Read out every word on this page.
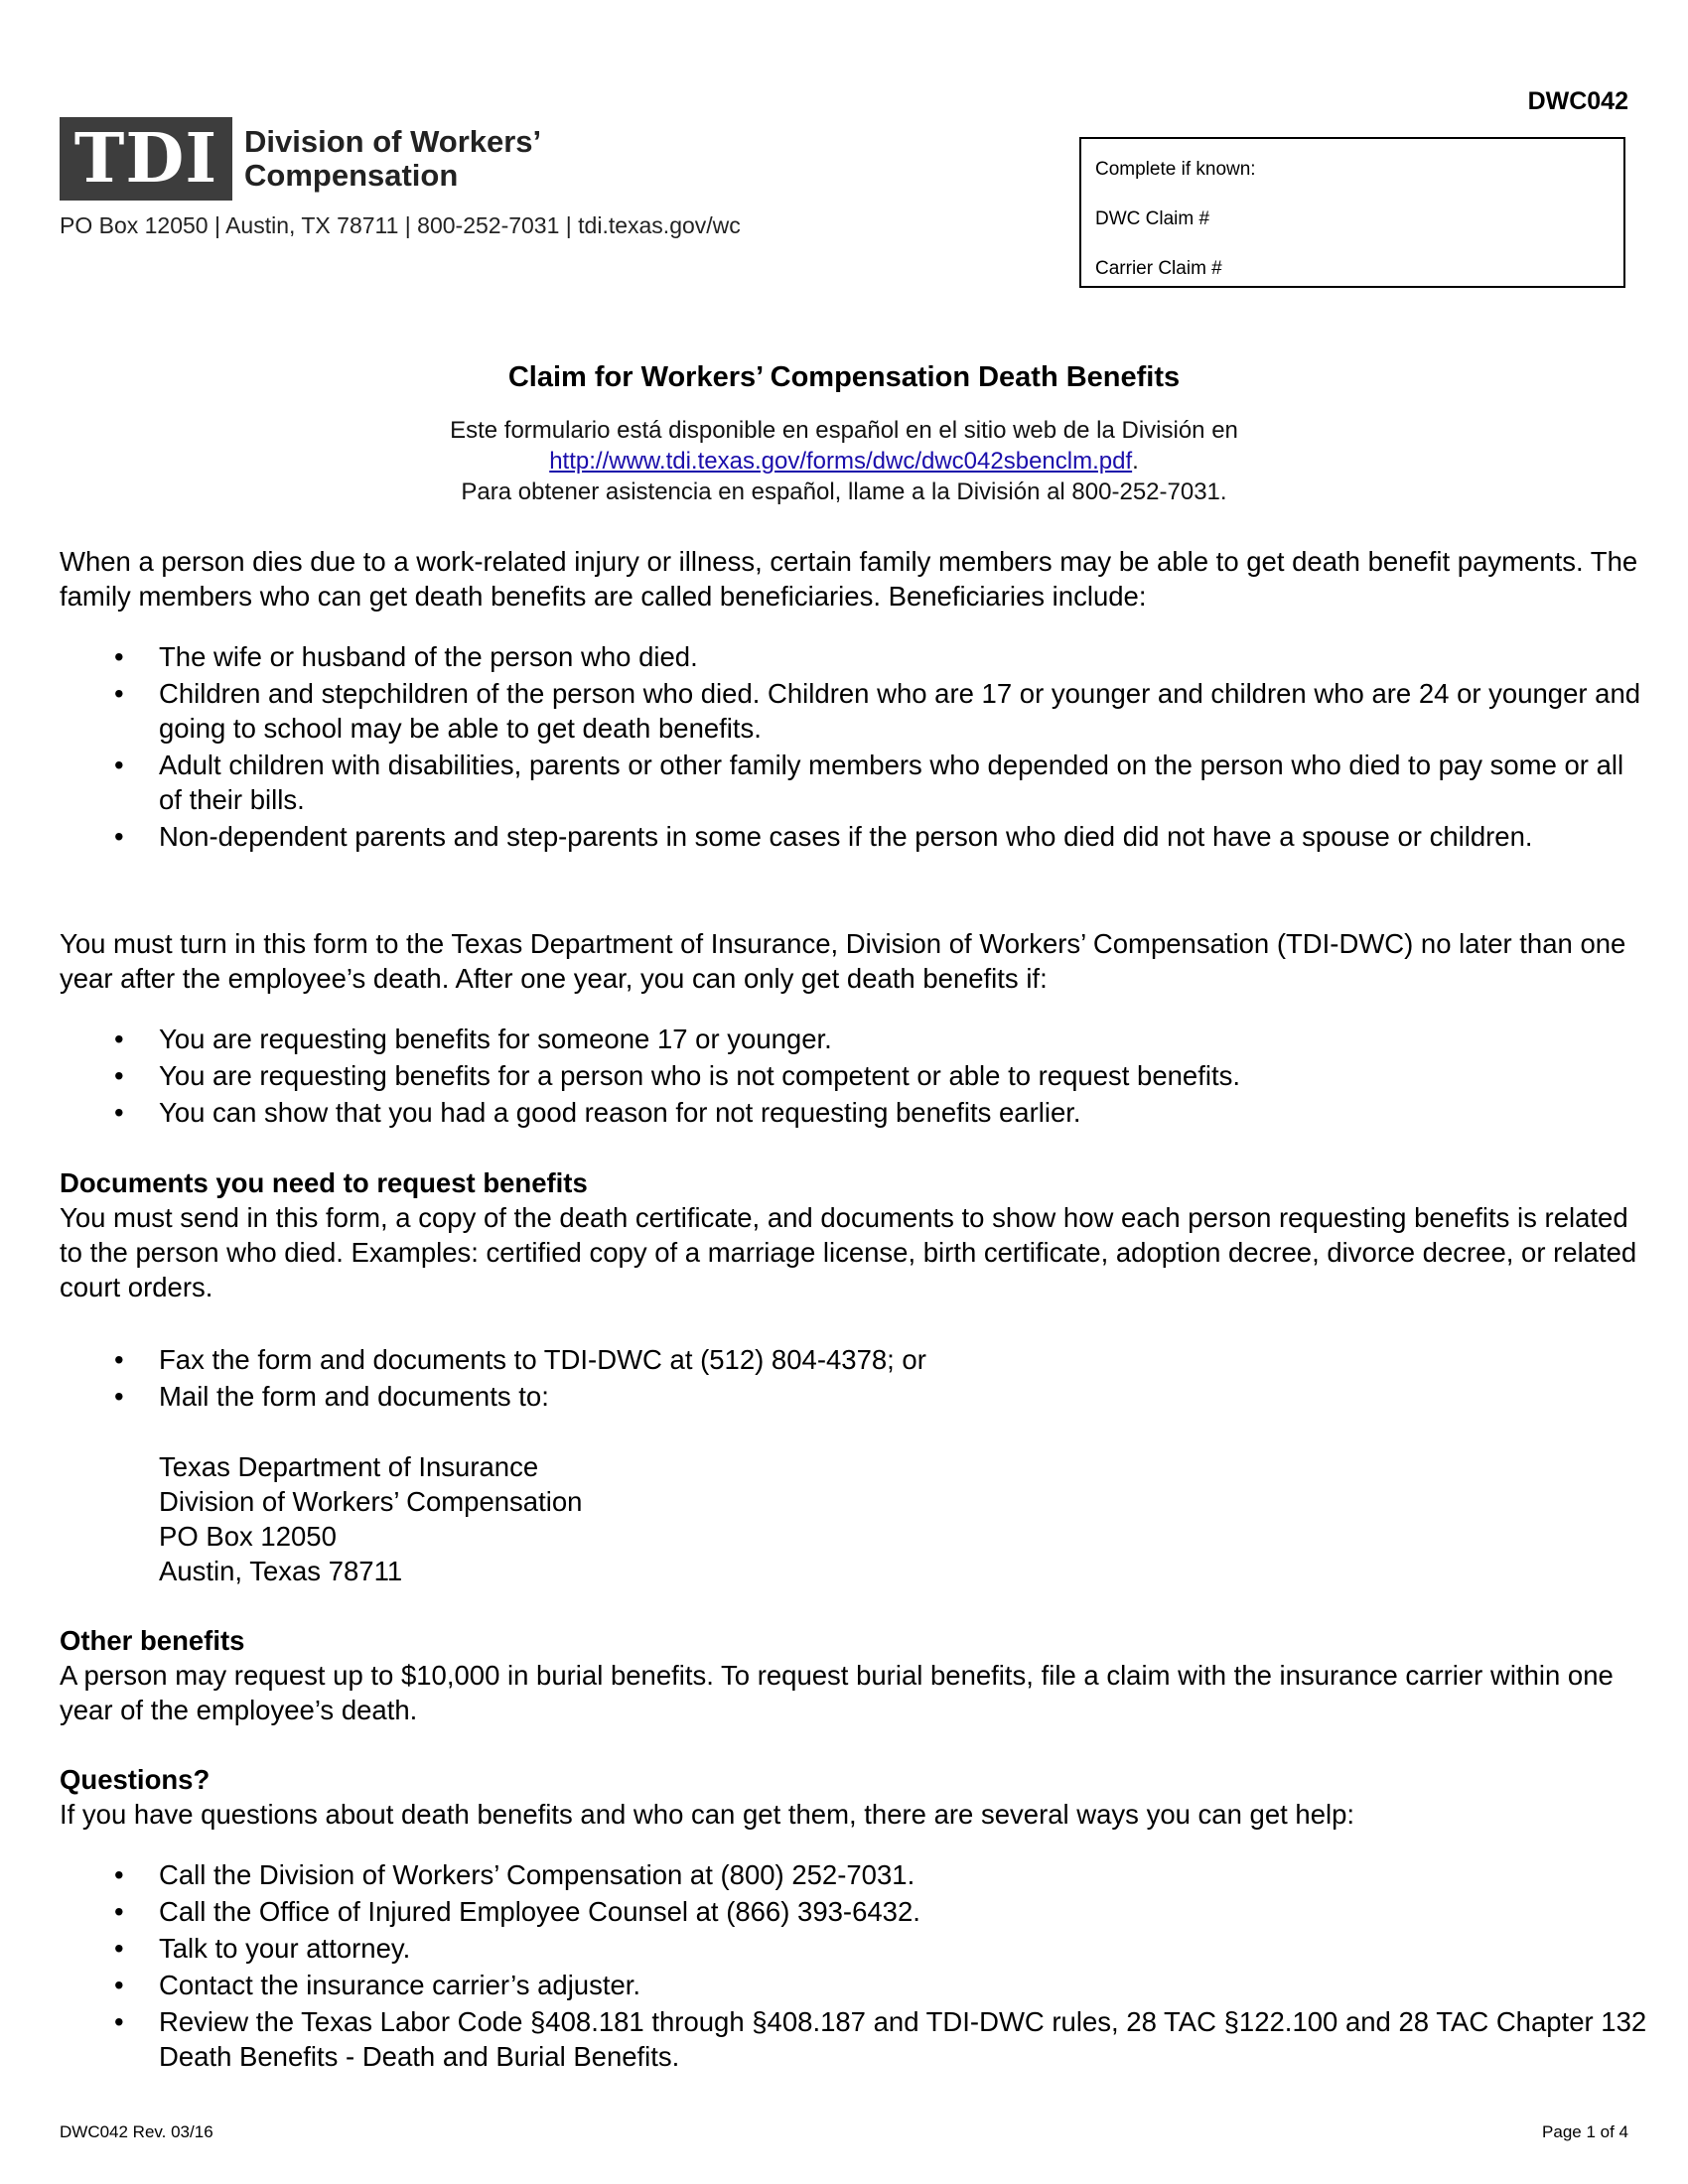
DWC042
TDI Division of Workers’
Compensation
PO Box 12050 | Austin, TX 78711 | 800-252-7031 | tdi.texas.gov/wc
Complete if known:
DWC Claim #
Carrier Claim #
Claim for Workers’ Compensation Death Benefits
Este formulario está disponible en español en el sitio web de la División en
http://www.tdi.texas.gov/forms/dwc/dwc042sbenclm.pdf.
Para obtener asistencia en español, llame a la División al 800-252-7031.
When a person dies due to a work-related injury or illness, certain family members may be able to get death benefit payments. The family members who can get death benefits are called beneficiaries. Beneficiaries include:
• The wife or husband of the person who died.
• Children and stepchildren of the person who died. Children who are 17 or younger and children who are 24 or younger and going to school may be able to get death benefits.
• Adult children with disabilities, parents or other family members who depended on the person who died to pay some or all of their bills.
• Non-dependent parents and step-parents in some cases if the person who died did not have a spouse or children.
You must turn in this form to the Texas Department of Insurance, Division of Workers’ Compensation (TDI-DWC) no later than one year after the employee’s death. After one year, you can only get death benefits if:
• You are requesting benefits for someone 17 or younger.
• You are requesting benefits for a person who is not competent or able to request benefits.
• You can show that you had a good reason for not requesting benefits earlier.
Documents you need to request benefits
You must send in this form, a copy of the death certificate, and documents to show how each person requesting benefits is related to the person who died. Examples: certified copy of a marriage license, birth certificate, adoption decree, divorce decree, or related court orders.
• Fax the form and documents to TDI-DWC at (512) 804-4378; or
• Mail the form and documents to:
Texas Department of Insurance
Division of Workers’ Compensation
PO Box 12050
Austin, Texas 78711
Other benefits
A person may request up to $10,000 in burial benefits. To request burial benefits, file a claim with the insurance carrier within one year of the employee’s death.
Questions?
If you have questions about death benefits and who can get them, there are several ways you can get help:
• Call the Division of Workers’ Compensation at (800) 252-7031.
• Call the Office of Injured Employee Counsel at (866) 393-6432.
• Talk to your attorney.
• Contact the insurance carrier’s adjuster.
• Review the Texas Labor Code §408.181 through §408.187 and TDI-DWC rules, 28 TAC §122.100 and 28 TAC Chapter 132 Death Benefits - Death and Burial Benefits.
DWC042 Rev. 03/16	Page 1 of 4
